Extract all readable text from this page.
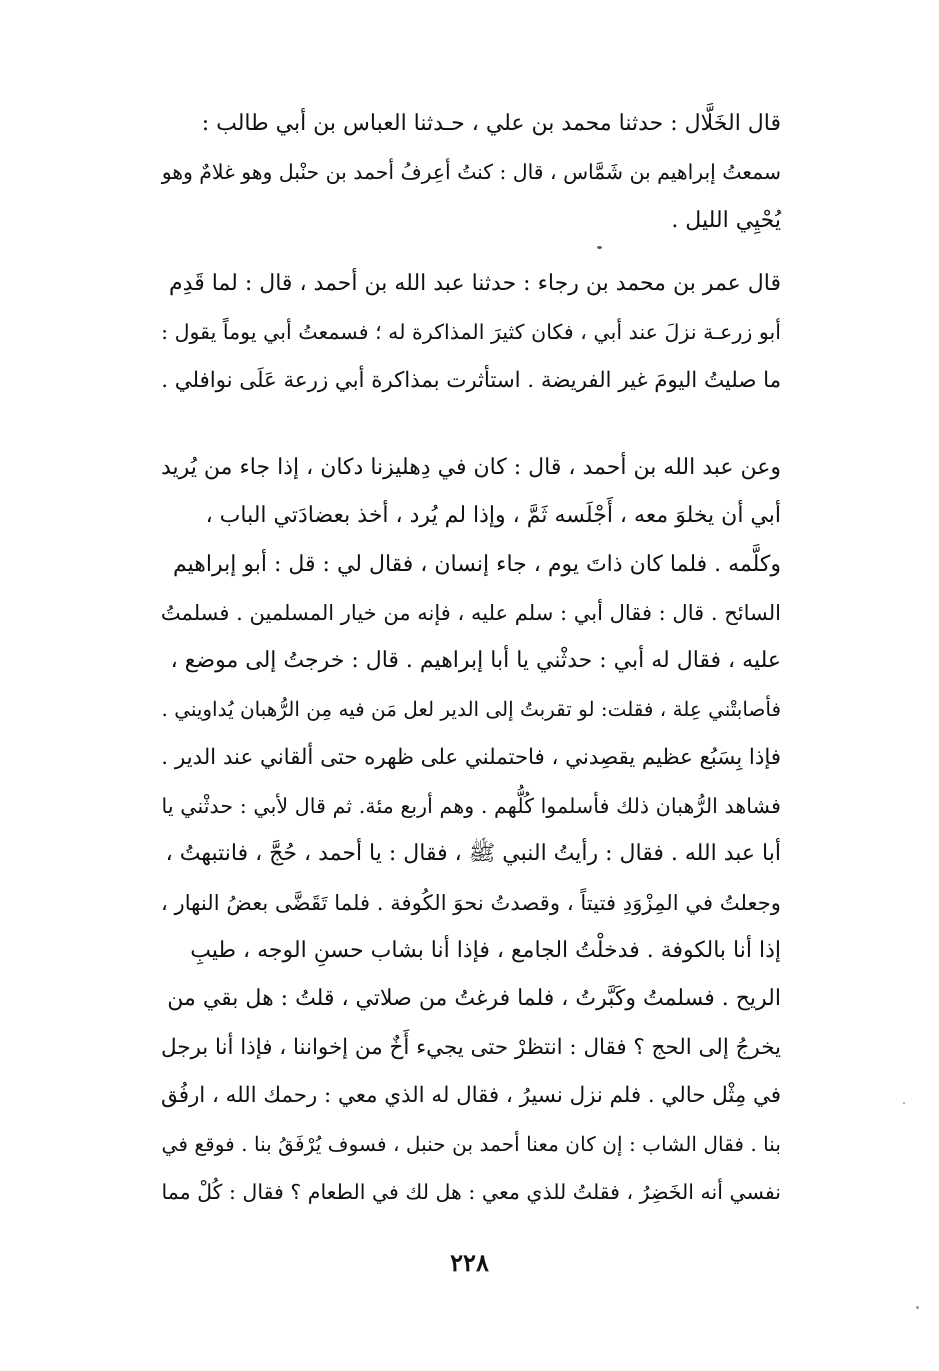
قال الخَلَّال : حدثنا محمد بن علي ، حـدثنا العباس بن أبي طالب :
سمعتُ إبراهيم بن شَمَّاس ، قال : كنتُ أعِرفُ أحمد بن حنْبل وهو غلامٌ وهو
يُحْيِي الليل .
قال عمر بن محمد بن رجاء : حدثنا عبد الله بن أحمد ، قال : لما قَدِم
أبو زرعـة نزلَ عند أبي ، فكان كثيرَ المذاكرة له ؛ فسمعتُ أبي يوماً يقول :
ما صليتُ اليومَ غير الفريضة . استأثرت بمذاكرة أبي زرعة عَلَى نوافلي .
وعن عبد الله بن أحمد ، قال : كان في دِهليزنا دكان ، إذا جاء من يُريد
أبي أن يخلوَ معه ، أَجْلَسه ثَمَّ ، وإذا لم يُرد ، أخذ بعضادَتي الباب ،
وكلَّمه . فلما كان ذاتَ يوم ، جاء إنسان ، فقال لي : قل : أبو إبراهيم
السائح . قال : فقال أبي : سلم عليه ، فإنه من خيار المسلمين . فسلمتُ
عليه ، فقال له أبي : حدثْني يا أبا إبراهيم . قال : خرجتُ إلى موضع ،
فأصابتْني عِلة ، فقلت: لو تقربتُ إلى الدير لعل مَن فيه مِن الرُّهبان يُداويني .
فإذا بِسَبُع عظيم يقصِدني ، فاحتملني على ظهره حتى ألقاني عند الدير .
فشاهد الرُّهبان ذلك فأسلموا كُلُّهم . وهم أربع مئة. ثم قال لأبي : حدثْني يا
أبا عبد الله . فقال : رأيتُ النبي ﷺ ، فقال : يا أحمد ، حُجَّ ، فانتبهتُ ،
وجعلتُ في المِزْوَدِ فتيتاً ، وقصدتُ نحوَ الكُوفة . فلما تَقَضَّى بعضُ النهار ،
إذا أنا بالكوفة . فدخلْتُ الجامع ، فإذا أنا بشاب حسنِ الوجه ، طيبِ
الريح . فسلمتُ وكَبَّرتُ ، فلما فرغتُ من صلاتي ، قلتُ : هل بقي من
يخرجُ إلى الحج ؟ فقال : انتظرْ حتى يجيء أَخٌ من إخواننا ، فإذا أنا برجل
في مِثْل حالي . فلم نزل نسيرُ ، فقال له الذي معي : رحمك الله ، ارفُق
بنا . فقال الشاب : إن كان معنا أحمد بن حنبل ، فسوف يُرْفَقُ بنا . فوقع في
نفسي أنه الخَضِرُ ، فقلتُ للذي معي : هل لك في الطعام ؟ فقال : كُلْ مما
٢٢٨
